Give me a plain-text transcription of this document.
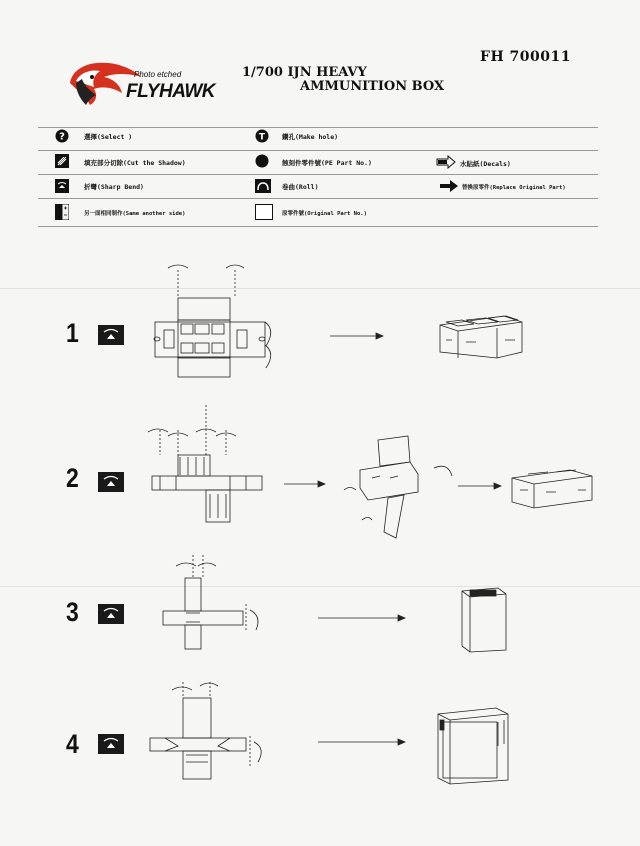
Photo etched
FLYHAWK
FH 700011
1/700 IJN HEAVY
AMMUNITION BOX
?	選擇(Select )	T	鑽孔(Make hole)
填充部分切除(Cut the Shadow)	蝕刻件零件號(PE Part No.)	水貼紙(Decals)
折彎(Sharp Bend)	卷曲(Roll)	替換原零件(Replace Original Part)
另一面相同制作(Same another side)	原零件號(Original Part No.)
1
2
3
4
